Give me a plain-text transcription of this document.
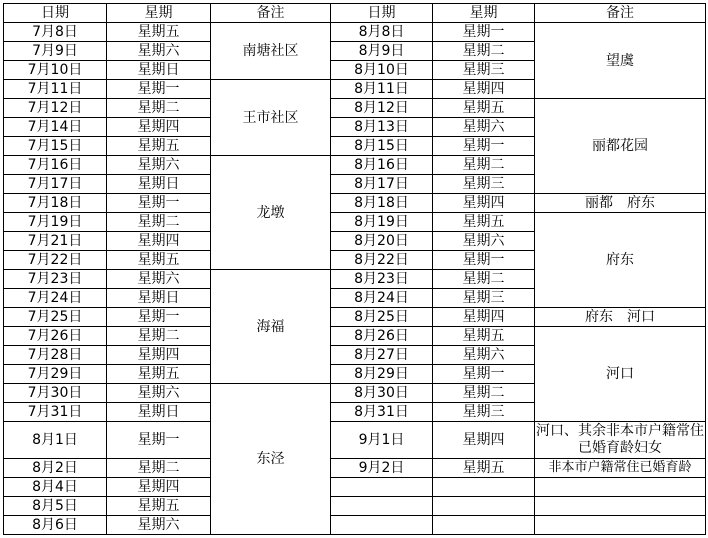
日期	星期	备注	日期	星期	备注
7月8日	星期五	南塘社区	8月8日	星期一	望虞
7月9日	星期六		8月9日	星期二	
7月10日	星期日		8月10日	星期三	
7月11日	星期一	王市社区	8月11日	星期四	
7月12日	星期二		8月12日	星期五	丽都花园
7月14日	星期四		8月13日	星期六	
7月15日	星期五		8月15日	星期一	
7月16日	星期六	龙墩	8月16日	星期二	
7月17日	星期日		8月17日	星期三	
7月18日	星期一		8月18日	星期四	丽都　府东
7月19日	星期二		8月19日	星期五	府东
7月21日	星期四		8月20日	星期六	
7月22日	星期五		8月22日	星期一	
7月23日	星期六	海福	8月23日	星期二	
7月24日	星期日		8月24日	星期三	
7月25日	星期一		8月25日	星期四	府东　河口
7月26日	星期二		8月26日	星期五	河口
7月28日	星期四		8月27日	星期六	
7月29日	星期五		8月29日	星期一	
7月30日	星期六	东泾	8月30日	星期二	
7月31日	星期日		8月31日	星期三	
8月1日	星期一		9月1日	星期四	河口、其余非本市户籍常住已婚育龄妇女
8月2日	星期二		9月2日	星期五	非本市户籍常住已婚育龄
8月4日	星期四				
8月5日	星期五				
8月6日	星期六				
